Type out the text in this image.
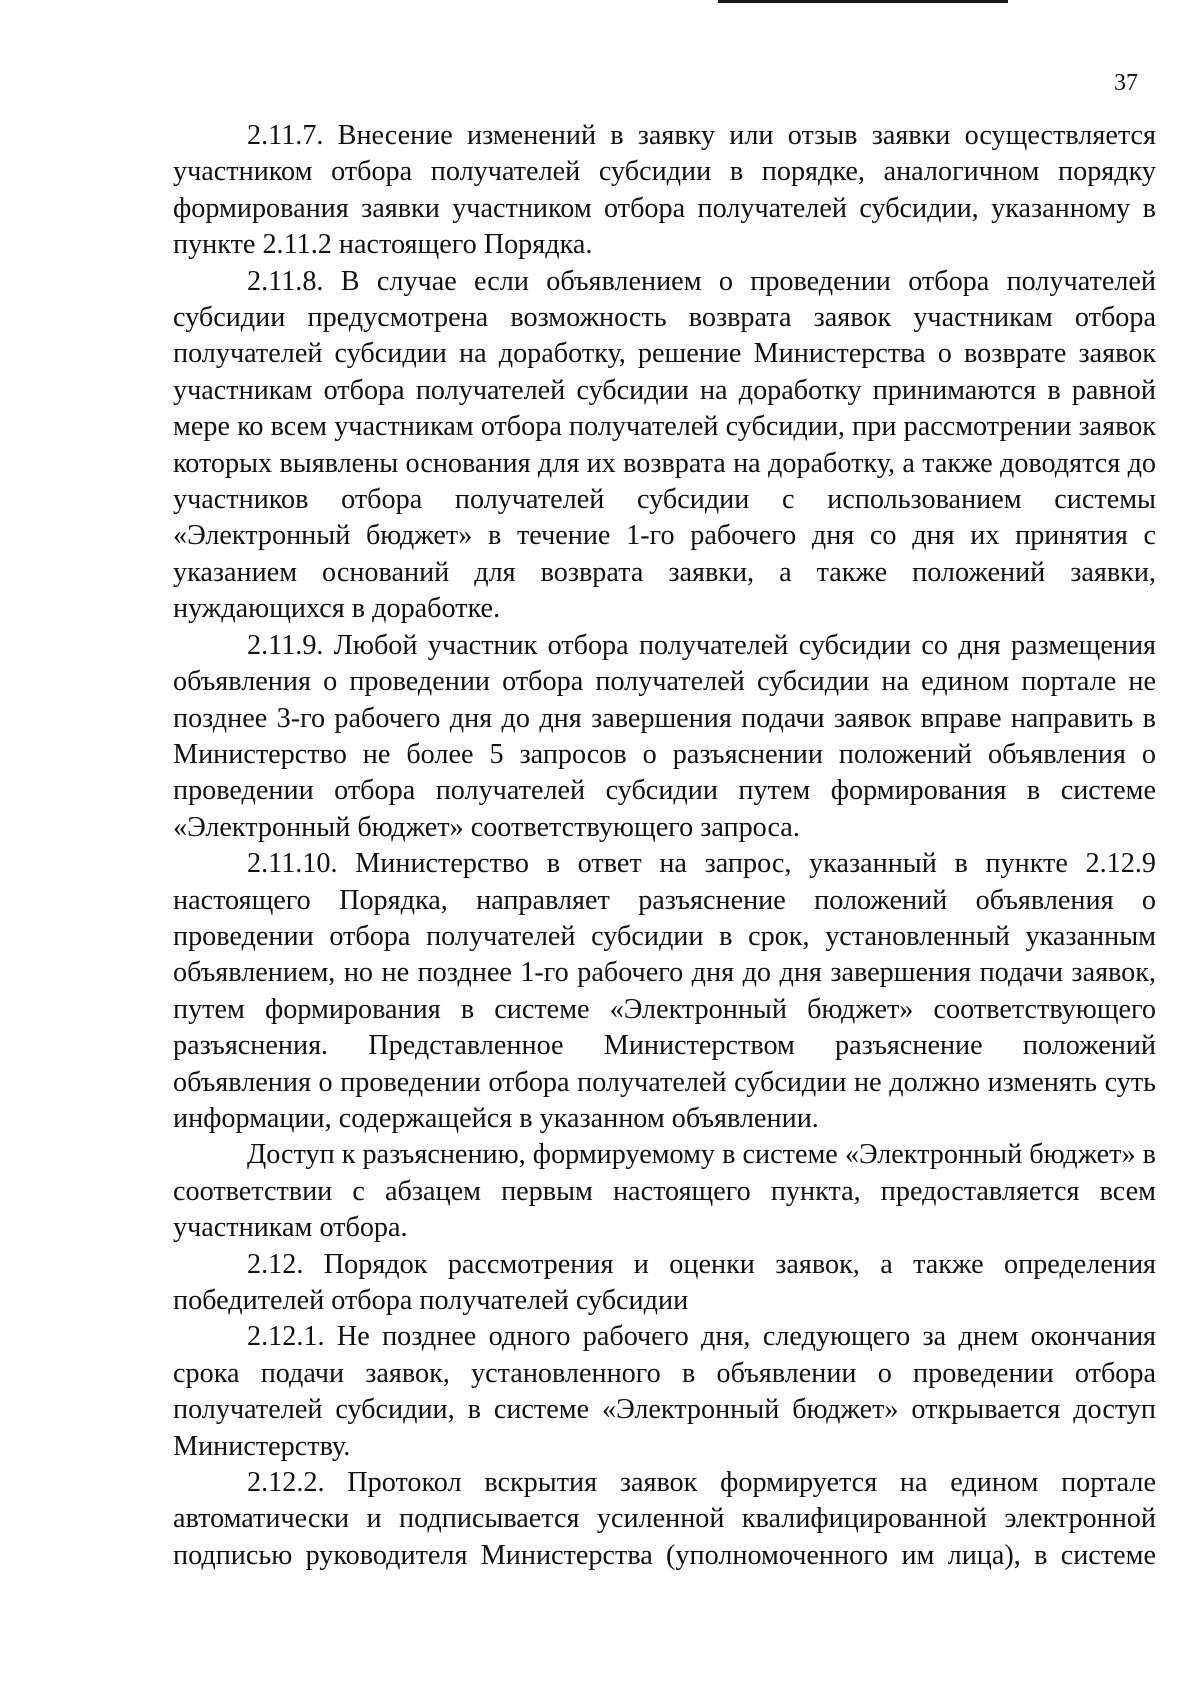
37

2.11.7. Внесение изменений в заявку или отзыв заявки осуществляется участником отбора получателей субсидии в порядке, аналогичном порядку формирования заявки участником отбора получателей субсидии, указанному в пункте 2.11.2 настоящего Порядка.

2.11.8. В случае если объявлением о проведении отбора получателей субсидии предусмотрена возможность возврата заявок участникам отбора получателей субсидии на доработку, решение Министерства о возврате заявок участникам отбора получателей субсидии на доработку принимаются в равной мере ко всем участникам отбора получателей субсидии, при рассмотрении заявок которых выявлены основания для их возврата на доработку, а также доводятся до участников отбора получателей субсидии с использованием системы «Электронный бюджет» в течение 1-го рабочего дня со дня их принятия с указанием оснований для возврата заявки, а также положений заявки, нуждающихся в доработке.

2.11.9. Любой участник отбора получателей субсидии со дня размещения объявления о проведении отбора получателей субсидии на едином портале не позднее 3-го рабочего дня до дня завершения подачи заявок вправе направить в Министерство не более 5 запросов о разъяснении положений объявления о проведении отбора получателей субсидии путем формирования в системе «Электронный бюджет» соответствующего запроса.

2.11.10. Министерство в ответ на запрос, указанный в пункте 2.12.9 настоящего Порядка, направляет разъяснение положений объявления о проведении отбора получателей субсидии в срок, установленный указанным объявлением, но не позднее 1-го рабочего дня до дня завершения подачи заявок, путем формирования в системе «Электронный бюджет» соответствующего разъяснения. Представленное Министерством разъяснение положений объявления о проведении отбора получателей субсидии не должно изменять суть информации, содержащейся в указанном объявлении.

Доступ к разъяснению, формируемому в системе «Электронный бюджет» в соответствии с абзацем первым настоящего пункта, предоставляется всем участникам отбора.

2.12. Порядок рассмотрения и оценки заявок, а также определения победителей отбора получателей субсидии

2.12.1. Не позднее одного рабочего дня, следующего за днем окончания срока подачи заявок, установленного в объявлении о проведении отбора получателей субсидии, в системе «Электронный бюджет» открывается доступ Министерству.

2.12.2. Протокол вскрытия заявок формируется на едином портале автоматически и подписывается усиленной квалифицированной электронной подписью руководителя Министерства (уполномоченного им лица), в системе
